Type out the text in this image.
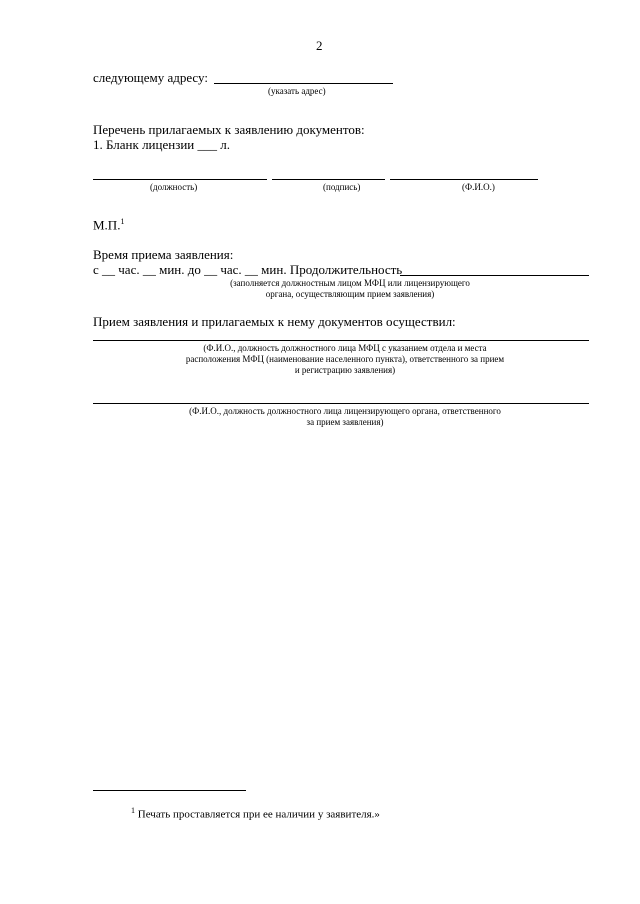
2
следующему адресу:
(указать адрес)
Перечень прилагаемых к заявлению документов:
1. Бланк лицензии ___ л.
(должность)	(подпись)	(Ф.И.О.)
М.П.$^1$
Время приема заявления:
с __ час. __ мин. до __ час. __ мин. Продолжительность
(заполняется должностным лицом МФЦ или лицензирующего
органа, осуществляющим прием заявления)
Прием заявления и прилагаемых к нему документов осуществил:
(Ф.И.О., должность должностного лица МФЦ с указанием отдела и места
расположения МФЦ (наименование населенного пункта), ответственного за прием
и регистрацию заявления)
(Ф.И.О., должность должностного лица лицензирующего органа, ответственного
за прием заявления)
$^1$ Печать проставляется при ее наличии у заявителя.»
